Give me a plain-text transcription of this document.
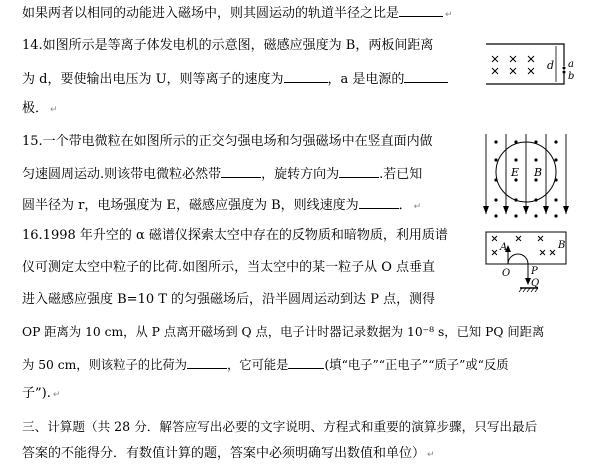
如果两者以相同的动能进入磁场中，则其圆运动的轨道半径之比是	↵
14.如图所示是等离子体发电机的示意图，磁感应强度为 B，两板间距离
为 d，要使输出电压为 U，则等离子的速度为	，a 是电源的
极． ↵
15.一个带电微粒在如图所示的正交匀强电场和匀强磁场中在竖直面内做
匀速圆周运动.则该带电微粒必然带	，旋转方向为	.若已知
圆半径为 r，电场强度为 E，磁感应强度为 B，则线速度为	． ↵
16.1998 年升空的 α 磁谱仪探索太空中存在的反物质和暗物质，利用质谱
仪可测定太空中粒子的比荷.如图所示，当太空中的某一粒子从 O 点垂直
进入磁感应强度 B=10 T 的匀强磁场后，沿半圆周运动到达 P 点，测得
OP 距离为 10 cm，从 P 点离开磁场到 Q 点，电子计时器记录数据为 10⁻⁸ s，已知 PQ 间距离
为 50 cm，则该粒子的比荷为	，它可能是	(填“电子”“正电子”“质子”或“反质
子”). ↵
三、计算题（共 28 分．解答应写出必要的文字说明、方程式和重要的演算步骤，只写出最后
答案的不能得分．有数值计算的题，答案中必须明确写出数值和单位） ↵
d a
b
E B
A
O P
Q
B
